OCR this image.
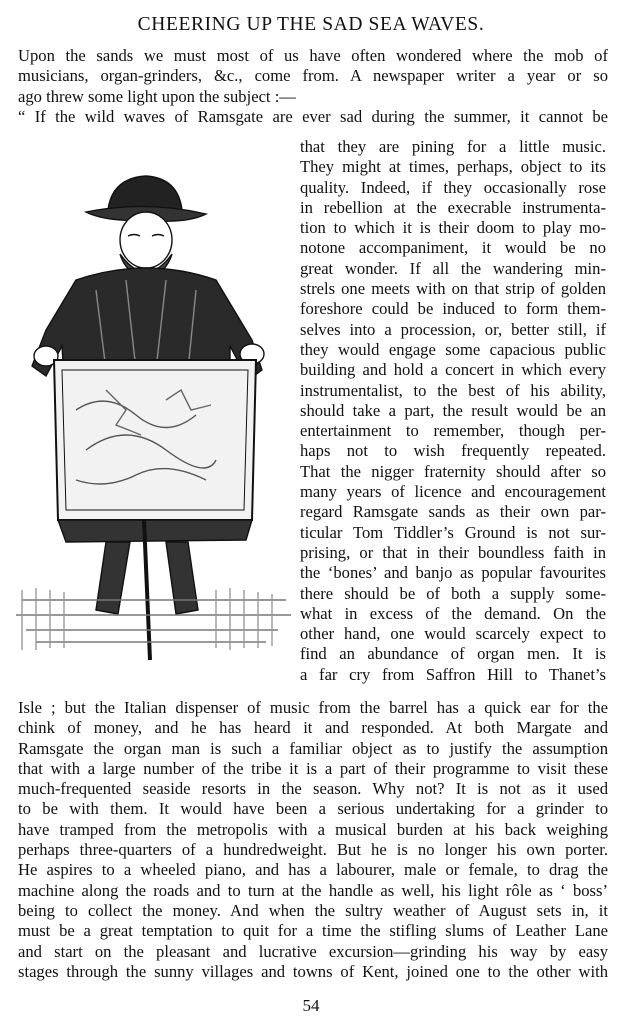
CHEERING UP THE SAD SEA WAVES.
Upon the sands we must most of us have often wondered where the mob of
musicians, organ-grinders, &c., come from. A newspaper writer a year or so
ago threw some light upon the subject :—
“ If the wild waves of Ramsgate are ever sad during the summer, it cannot be
that they are pining for a little music.
They might at times, perhaps, object to its
quality. Indeed, if they occasionally rose
in rebellion at the execrable instrumenta-
tion to which it is their doom to play mo-
notone accompaniment, it would be no
great wonder. If all the wandering min-
strels one meets with on that strip of golden
foreshore could be induced to form them-
selves into a procession, or, better still, if
they would engage some capacious public
building and hold a concert in which every
instrumentalist, to the best of his ability,
should take a part, the result would be an
entertainment to remember, though per-
haps not to wish frequently repeated.
That the nigger fraternity should after so
many years of licence and encouragement
regard Ramsgate sands as their own par-
ticular Tom Tiddler’s Ground is not sur-
prising, or that in their boundless faith in
the ‘bones’ and banjo as popular favourites
there should be of both a supply some-
what in excess of the demand. On the
other hand, one would scarcely expect to
find an abundance of organ men. It is
a far cry from Saffron Hill to Thanet’s
Isle ; but the Italian dispenser of music from the barrel has a quick ear for the
chink of money, and he has heard it and responded. At both Margate and
Ramsgate the organ man is such a familiar object as to justify the assumption
that with a large number of the tribe it is a part of their programme to visit these
much-frequented seaside resorts in the season. Why not? It is not as it used
to be with them. It would have been a serious undertaking for a grinder to
have tramped from the metropolis with a musical burden at his back weighing
perhaps three-quarters of a hundredweight. But he is no longer his own porter.
He aspires to a wheeled piano, and has a labourer, male or female, to drag the
machine along the roads and to turn at the handle as well, his light rôle as ‘ boss’
being to collect the money. And when the sultry weather of August sets in, it
must be a great temptation to quit for a time the stifling slums of Leather Lane
and start on the pleasant and lucrative excursion—grinding his way by easy
stages through the sunny villages and towns of Kent, joined one to the other with
54
